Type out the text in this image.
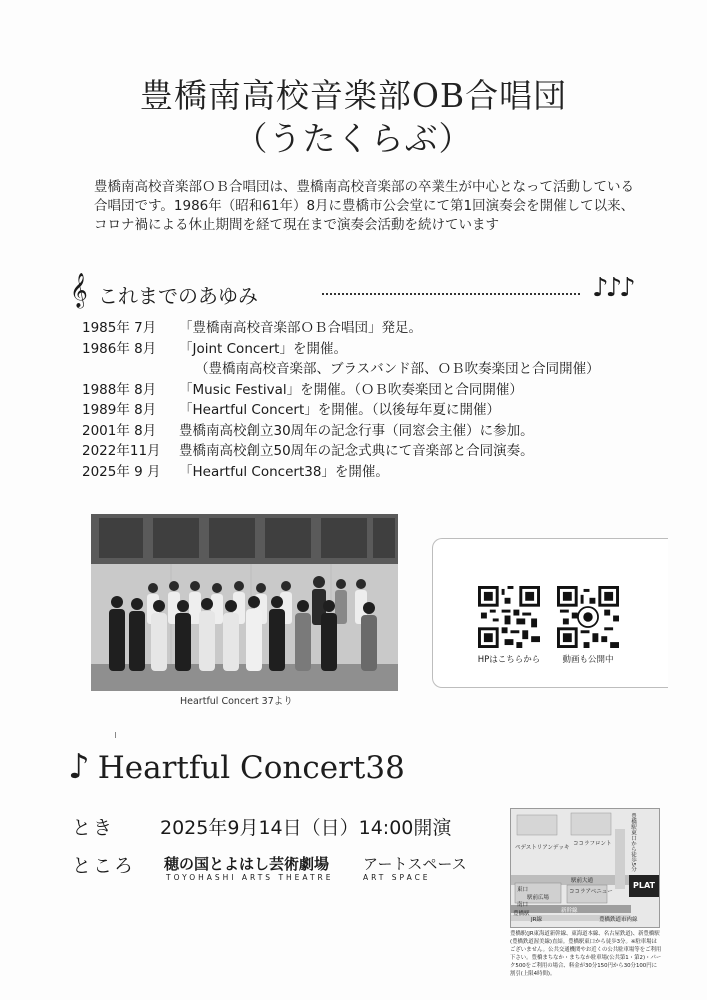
豊橋南高校音楽部OB合唱団
（うたくらぶ）

豊橋南高校音楽部ＯＢ合唱団は、豊橋南高校音楽部の卒業生が中心となって活動している合唱団です。1986年（昭和61年）8月に豊橋市公会堂にて第1回演奏会を開催して以来、コロナ禍による休止期間を経て現在まで演奏会活動を続けています

𝄞 これまでのあゆみ	♪♪♪
1985年 7月	「豊橋南高校音楽部ＯＢ合唱団」発足。
1986年 8月	「Joint Concert」を開催。
（豊橋南高校音楽部、ブラスバンド部、ＯＢ吹奏楽団と合同開催）
1988年 8月	「Music Festival」を開催。（ＯＢ吹奏楽団と合同開催）
1989年 8月	「Heartful Concert」を開催。（以後毎年夏に開催）
2001年 8月	豊橋南高校創立30周年の記念行事（同窓会主催）に参加。
2022年11月	豊橋南高校創立50周年の記念式典にて音楽部と合同演奏。
2025年 9 月	「Heartful Concert38」を開催。
Heartful Concert 37より
HPはこちらから	動画も公開中
♪ Heartful Concert38
とき 2025年9月14日（日）14:00開演
ところ 穂の国とよはし芸術劇場
TOYOHASHI ARTS THEATRE
アートスペース
ART SPACE
ペデストリアンデッキ
ココラフロント
東口
駅前広場
南口
ココラアベニュー
駅前大通
JR線
新幹線
豊橋駅
PLAT
豊橋鉄道市内線
豊橋駅東口から徒歩5分
豊橋駅(JR東海道新幹線、東海道本線、名古屋鉄道)、新豊橋駅(豊橋鉄道渥美線)直結。豊橋駅東口から徒歩3分。※駐車場はございません。公共交通機関やお近くの公共駐車場等をご利用下さい。豊橋まちなか・まちなか駐車場(公共第1・第2)・パーク500をご利用の場合、料金が30分150円から30分100円に割引(上限4時間)。
